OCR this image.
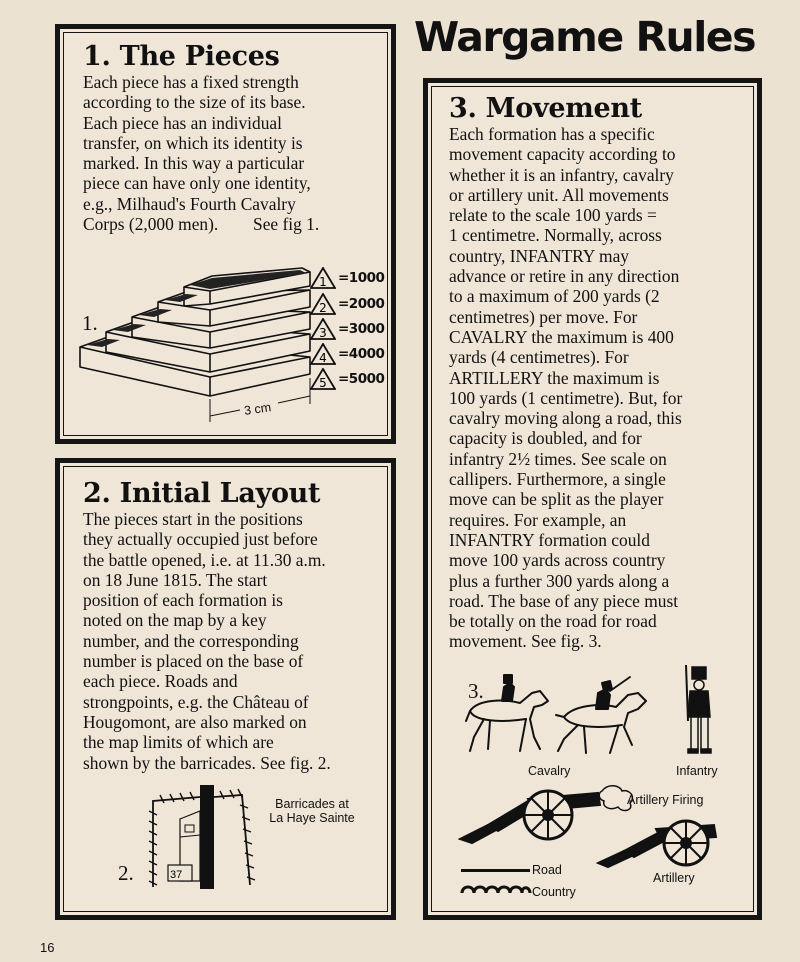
Wargame Rules
1. The Pieces
Each piece has a fixed strength
according to the size of its base.
Each piece has an individual
transfer, on which its identity is
marked. In this way a particular
piece can have only one identity,
e.g., Milhaud's Fourth Cavalry
Corps (2,000 men).        See fig 1.
1.
3 cm
1 =1000
2 =2000
3 =3000
4 =4000
5 =5000
2. Initial Layout
The pieces start in the positions
they actually occupied just before
the battle opened, i.e. at 11.30 a.m.
on 18 June 1815. The start
position of each formation is
noted on the map by a key
number, and the corresponding
number is placed on the base of
each piece. Roads and
strongpoints, e.g. the Château of
Hougomont, are also marked on
the map limits of which are
shown by the barricades. See fig. 2.
2.	37
Barricades at
La Haye Sainte
3. Movement
Each formation has a specific
movement capacity according to
whether it is an infantry, cavalry
or artillery unit. All movements
relate to the scale 100 yards =
1 centimetre. Normally, across
country, INFANTRY may
advance or retire in any direction
to a maximum of 200 yards (2
centimetres) per move. For
CAVALRY the maximum is 400
yards (4 centimetres). For
ARTILLERY the maximum is
100 yards (1 centimetre). But, for
cavalry moving along a road, this
capacity is doubled, and for
infantry 2½ times. See scale on
callipers. Furthermore, a single
move can be split as the player
requires. For example, an
INFANTRY formation could
move 100 yards across country
plus a further 300 yards along a
road. The base of any piece must
be totally on the road for road
movement. See fig. 3.
3.
Cavalry	Infantry
Artillery Firing
Artillery
Road
Country
16
